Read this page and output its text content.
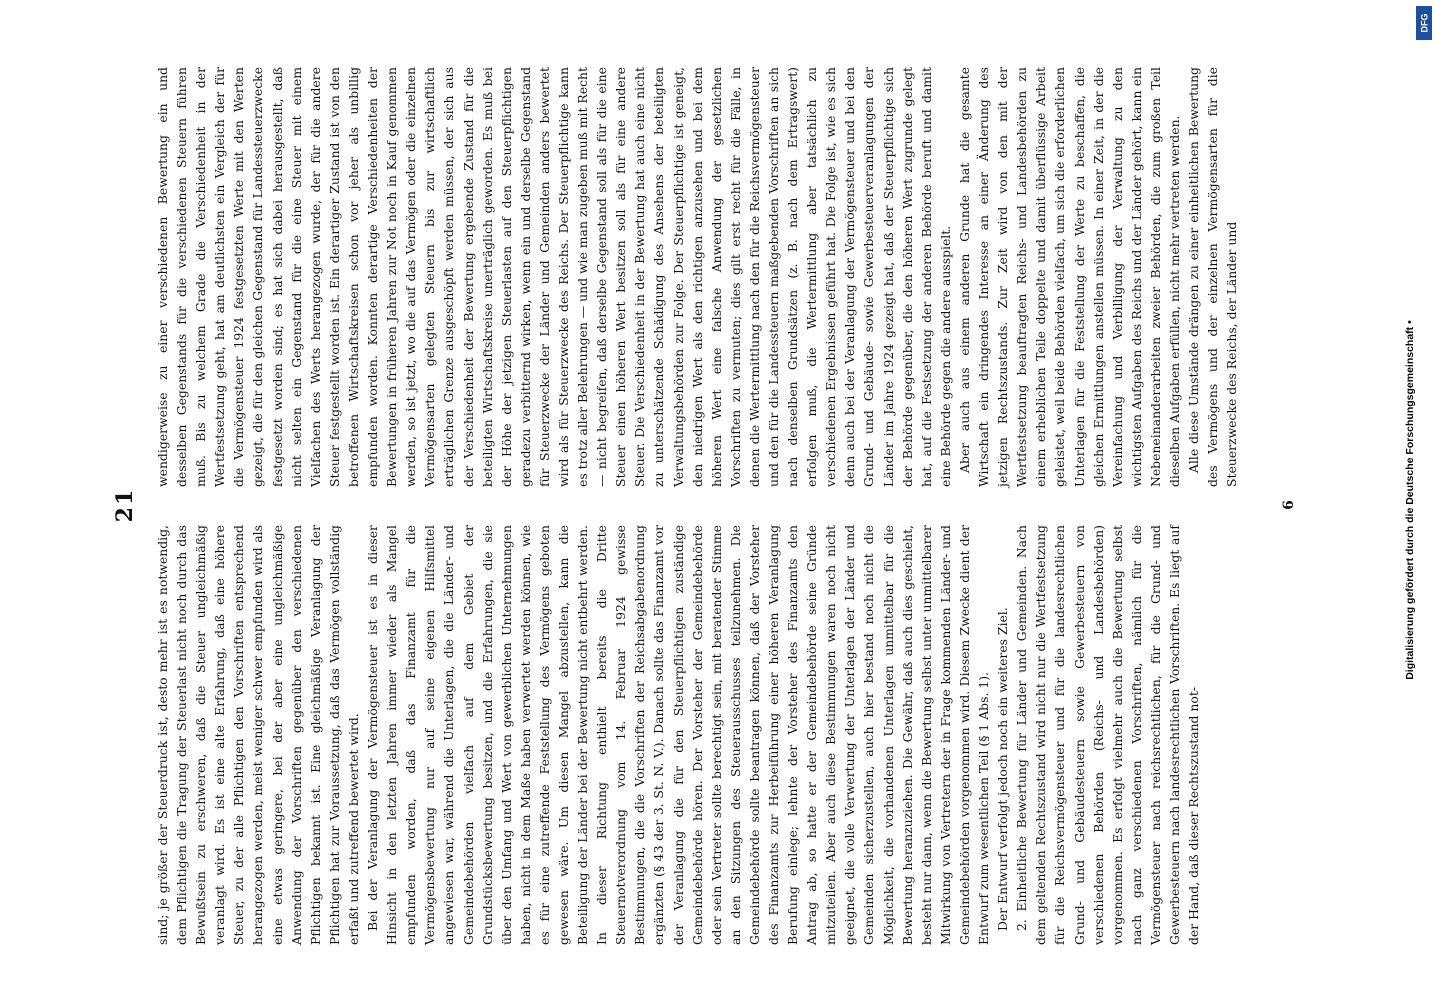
21

sind; je größer der Steuerdruck ist, desto mehr ist es notwendig, dem Pflichtigen die Tragung der Steuerlast nicht noch durch das Bewußtsein zu erschweren, daß die Steuer ungleichmäßig veranlagt wird. Es ist eine alte Erfahrung, daß eine höhere Steuer, zu der alle Pflichtigen den Vorschriften entsprechend herangezogen werden, meist weniger schwer empfunden wird als eine etwas geringere, bei der aber eine ungleichmäßige Anwendung der Vorschriften gegenüber den verschiedenen Pflichtigen bekannt ist. Eine gleichmäßige Veranlagung der Pflichtigen hat zur Voraussetzung, daß das Vermögen vollständig erfaßt und zutreffend bewertet wird. Bei der Veranlagung der Vermögensteuer ist es in dieser Hinsicht in den letzten Jahren immer wieder als Mangel empfunden worden, daß das Finanzamt für die Vermögensbewertung nur auf seine eigenen Hilfsmittel angewiesen war, während die Unterlagen, die die Länder- und Gemeindebehörden vielfach auf dem Gebiet der Grundstücksbewertung besitzen, und die Erfahrungen, die sie über den Umfang und Wert von gewerblichen Unternehmungen haben, nicht in dem Maße haben verwertet werden können, wie es für eine zutreffende Feststellung des Vermögens geboten gewesen wäre. Um diesen Mangel abzustellen, kann die Beteiligung der Länder bei der Bewertung nicht entbehrt werden. In dieser Richtung enthielt bereits die Dritte Steuernotverordnung vom 14. Februar 1924 gewisse Bestimmungen, die die Vorschriften der Reichsabgabenordnung ergänzten (§ 43 der 3. St. N. V.). Danach sollte das Finanzamt vor der Veranlagung die für den Steuerpflichtigen zuständige Gemeindebehörde hören. Der Vorsteher der Gemeindebehörde oder sein Vertreter sollte berechtigt sein, mit beratender Stimme an den Sitzungen des Steuerausschusses teilzunehmen. Die Gemeindebehörde sollte beantragen können, daß der Vorsteher des Finanzamts zur Herbeiführung einer höheren Veranlagung Berufung einlege; lehnte der Vorsteher des Finanzamts den Antrag ab, so hatte er der Gemeindebehörde seine Gründe mitzuteilen. Aber auch diese Bestimmungen waren noch nicht geeignet, die volle Verwertung der Unterlagen der Länder und Gemeinden sicherzustellen, auch hier bestand noch nicht die Möglichkeit, die vorhandenen Unterlagen unmittelbar für die Bewertung heranzuziehen. Die Gewähr, daß auch dies geschieht, besteht nur dann, wenn die Bewertung selbst unter unmittelbarer Mitwirkung von Vertretern der in Frage kommenden Länder- und Gemeindebehörden vorgenommen wird. Diesem Zwecke dient der Entwurf zum wesentlichen Teil (§ 1 Abs. 1). Der Entwurf verfolgt jedoch noch ein weiteres Ziel. 2. Einheitliche Bewertung für Länder und Gemeinden. Nach dem geltenden Rechtszustand wird nicht nur die Wertfestsetzung für die Reichsvermögensteuer und für die landesrechtlichen Grund- und Gebäudesteuern sowie Gewerbesteuern von verschiedenen Behörden (Reichs- und Landesbehörden) vorgenommen. Es erfolgt vielmehr auch die Bewertung selbst nach ganz verschiedenen Vorschriften, nämlich für die Vermögensteuer nach reichsrechtlichen, für die Grund- und Gewerbesteuern nach landesrechtlichen Vorschriften. Es liegt auf der Hand, daß dieser Rechtszustand not-

wendigerweise zu einer verschiedenen Bewertung ein und desselben Gegenstands für die verschiedenen Steuern führen muß. Bis zu welchem Grade die Verschiedenheit in der Wertfestsetzung geht, hat am deutlichsten ein Vergleich der für die Vermögensteuer 1924 festgesetzten Werte mit den Werten gezeigt, die für den gleichen Gegenstand für Landessteuerzwecke festgesetzt worden sind; es hat sich dabei herausgestellt, daß nicht selten ein Gegenstand für die eine Steuer mit einem Vielfachen des Werts herangezogen wurde, der für die andere Steuer festgestellt worden ist. Ein derartiger Zustand ist von den betroffenen Wirtschaftskreisen schon vor jeher als unbillig empfunden worden. Konnten derartige Verschiedenheiten der Bewertungen in früheren Jahren zur Not noch in Kauf genommen werden, so ist jetzt, wo die auf das Vermögen oder die einzelnen Vermögensarten gelegten Steuern bis zur wirtschaftlich erträglichen Grenze ausgeschöpft werden müssen, der sich aus der Verschiedenheit der Bewertung ergebende Zustand für die beteiligten Wirtschaftskreise unerträglich geworden. Es muß bei der Höhe der jetzigen Steuerlasten auf den Steuerpflichtigen geradezu verbitternd wirken, wenn ein und derselbe Gegenstand für Steuerzwecke der Länder und Gemeinden anders bewertet wird als für Steuerzwecke des Reichs. Der Steuerpflichtige kann es trotz aller Belehrungen — und wie man zugeben muß mit Recht — nicht begreifen, daß derselbe Gegenstand soll als für die eine Steuer einen höheren Wert besitzen soll als für eine andere Steuer. Die Verschiedenheit in der Bewertung hat auch eine nicht zu unterschätzende Schädigung des Ansehens der beteiligten Verwaltungsbehörden zur Folge. Der Steuerpflichtige ist geneigt, den niedrigen Wert als den richtigen anzusehen und bei dem höheren Wert eine falsche Anwendung der gesetzlichen Vorschriften zu vermuten; dies gilt erst recht für die Fälle, in denen die Wertermittlung nach den für die Reichsvermögensteuer und den für die Landessteuern maßgebenden Vorschriften an sich nach denselben Grundsätzen (z. B. nach dem Ertragswert) erfolgen muß, die Wertermittlung aber tatsächlich zu verschiedenen Ergebnissen geführt hat. Die Folge ist, wie es sich denn auch bei der Veranlagung der Vermögensteuer und bei den Grund- und Gebäude- sowie Gewerbesteuerveranlagungen der Länder im Jahre 1924 gezeigt hat, daß der Steuerpflichtige sich der Behörde gegenüber, die den höheren Wert zugrunde gelegt hat, auf die Festsetzung der anderen Behörde beruft und damit eine Behörde gegen die andere ausspielt. Aber auch aus einem anderen Grunde hat die gesamte Wirtschaft ein dringendes Interesse an einer Änderung des jetzigen Rechtszustands. Zur Zeit wird von den mit der Wertfestsetzung beauftragten Reichs- und Landesbehörden zu einem erheblichen Teile doppelte und damit überflüssige Arbeit geleistet, weil beide Behörden vielfach, um sich die erforderlichen Unterlagen für die Feststellung der Werte zu beschaffen, die gleichen Ermittlungen anstellen müssen. In einer Zeit, in der die Vereinfachung und Verbilligung der Verwaltung zu den wichtigsten Aufgaben des Reichs und der Länder gehört, kann ein Nebeneinanderarbeiten zweier Behörden, die zum großen Teil dieselben Aufgaben erfüllen, nicht mehr vertreten werden. Alle diese Umstände drängen zu einer einheitlichen Bewertung des Vermögens und der einzelnen Vermögensarten für die Steuerzwecke des Reichs, der Länder und

6	Digitalisierung gefördert durch die Deutsche Forschungsgemeinschaft •
DFG
